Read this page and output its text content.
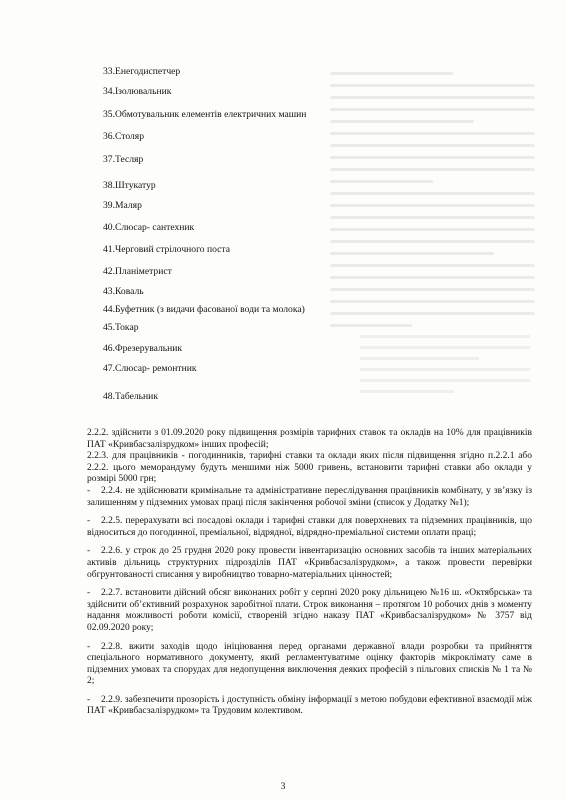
33.Енегодиспетчер
34.Ізолювальник
35.Обмотувальник елементів електричних машин
36.Столяр
37.Тесляр
38.Штукатур
39.Маляр
40.Слюсар- сантехник
41.Черговий стрілочного поста
42.Планіметрист
43.Коваль
44.Буфетник (з видачи фасованої води та молока)
45.Токар
46.Фрезерувальник
47.Слюсар- ремонтник
48.Табельник

2.2.2. здійснити з 01.09.2020 року підвищення розмірів тарифних ставок та окладів на 10% для працівників ПАТ «Кривбасзалізрудком» інших професій;

2.2.3. для працівників - погодинників, тарифні ставки та оклади яких після підвищення згідно п.2.2.1 або 2.2.2. цього меморандуму будуть меншими ніж 5000 гривень, встановити тарифні ставки або оклади у розмірі 5000 грн;

- 2.2.4. не здійснювати кримінальне та адміністративне переслідування працівників комбінату, у зв’язку із залишенням у підземних умовах праці після закінчення робочої зміни (список у Додатку №1);

- 2.2.5. перерахувати всі посадові оклади і тарифні ставки для поверхневих та підземних працівників, що відноситься до погодинної, преміальної, відрядної, відрядно-преміальної системи оплати праці;

- 2.2.6. у строк до 25 грудня 2020 року провести інвентаризацію основних засобів та інших матеріальних активів дільниць структурних підрозділів ПАТ «Кривбасзалізрудком», а також провести перевірки обгрунтованості списання у виробництво товарно-матеріальних цінностей;

- 2.2.7. встановити дійсний обсяг виконаних робіт у серпні 2020 року дільницею №16 ш. «Октябрська» та здійснити об’єктивний розрахунок заробітної плати. Строк виконання – протягом 10 робочих днів з моменту надання можливості роботи комісії, створеній згідно наказу ПАТ «Кривбасзалізрудком» № 3757 від 02.09.2020 року;

- 2.2.8. вжити заходів щодо ініціювання перед органами державної влади розробки та прийняття спеціального нормативного документу, який регламентуватиме оцінку факторів мікроклімату саме в підземних умовах та спорудах для недопущення виключення деяких професій з пільгових списків № 1 та № 2;

- 2.2.9. забезпечити прозорість і доступність обміну інформації з метою побудови ефективної взаємодії між ПАТ «Кривбасзалізрудком» та Трудовим колективом.

3
